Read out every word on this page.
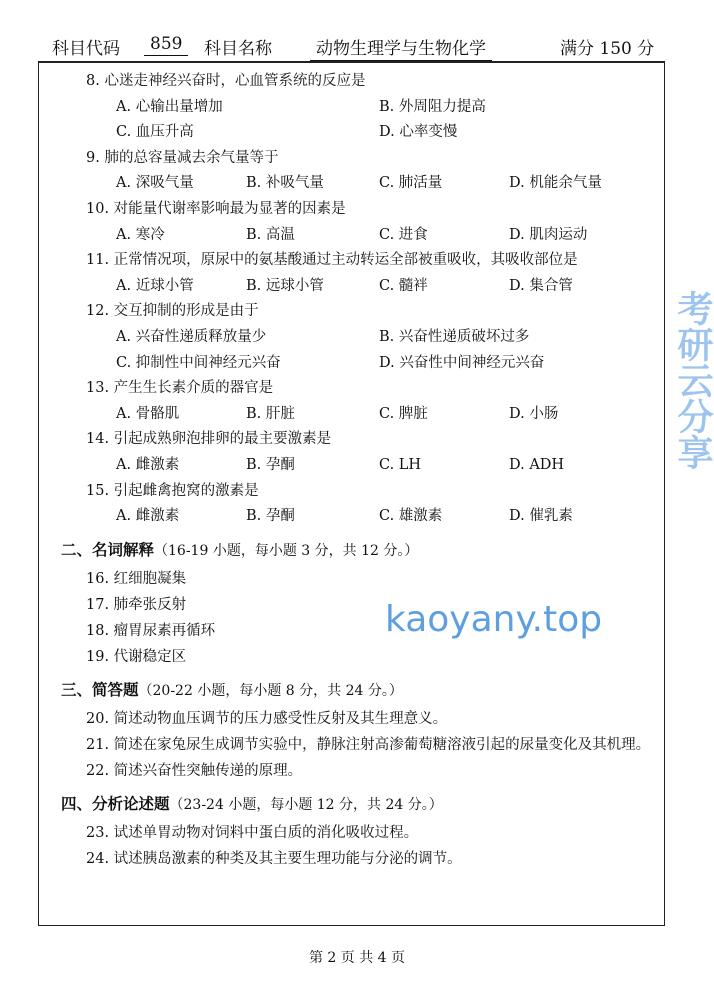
科目代码	859	科目名称	动物生理学与生物化学	满分 150 分
8. 心迷走神经兴奋时，心血管系统的反应是
A. 心输出量增加	B. 外周阻力提高
C. 血压升高	D. 心率变慢
9. 肺的总容量减去余气量等于
A. 深吸气量	B. 补吸气量	C. 肺活量	D. 机能余气量
10. 对能量代谢率影响最为显著的因素是
A. 寒冷	B. 高温	C. 进食	D. 肌肉运动
11. 正常情况项，原尿中的氨基酸通过主动转运全部被重吸收，其吸收部位是
A. 近球小管	B. 远球小管	C. 髓袢	D. 集合管
12. 交互抑制的形成是由于
A. 兴奋性递质释放量少	B. 兴奋性递质破坏过多
C. 抑制性中间神经元兴奋	D. 兴奋性中间神经元兴奋
13. 产生生长素介质的器官是
A. 骨骼肌	B. 肝脏	C. 脾脏	D. 小肠
14. 引起成熟卵泡排卵的最主要激素是
A. 雌激素	B. 孕酮	C. LH	D. ADH
15. 引起雌禽抱窝的激素是
A. 雌激素	B. 孕酮	C. 雄激素	D. 催乳素
二、名词解释（16-19 小题，每小题 3 分，共 12 分。）
16. 红细胞凝集
17. 肺牵张反射
18. 瘤胃尿素再循环
19. 代谢稳定区
三、简答题（20-22 小题，每小题 8 分，共 24 分。）
20. 简述动物血压调节的压力感受性反射及其生理意义。
21. 简述在家兔尿生成调节实验中，静脉注射高渗葡萄糖溶液引起的尿量变化及其机理。
22. 简述兴奋性突触传递的原理。
四、分析论述题（23-24 小题，每小题 12 分，共 24 分。）
23. 试述单胃动物对饲料中蛋白质的消化吸收过程。
24. 试述胰岛激素的种类及其主要生理功能与分泌的调节。
考研云分享
kaoyany.top
第 2 页 共 4 页
